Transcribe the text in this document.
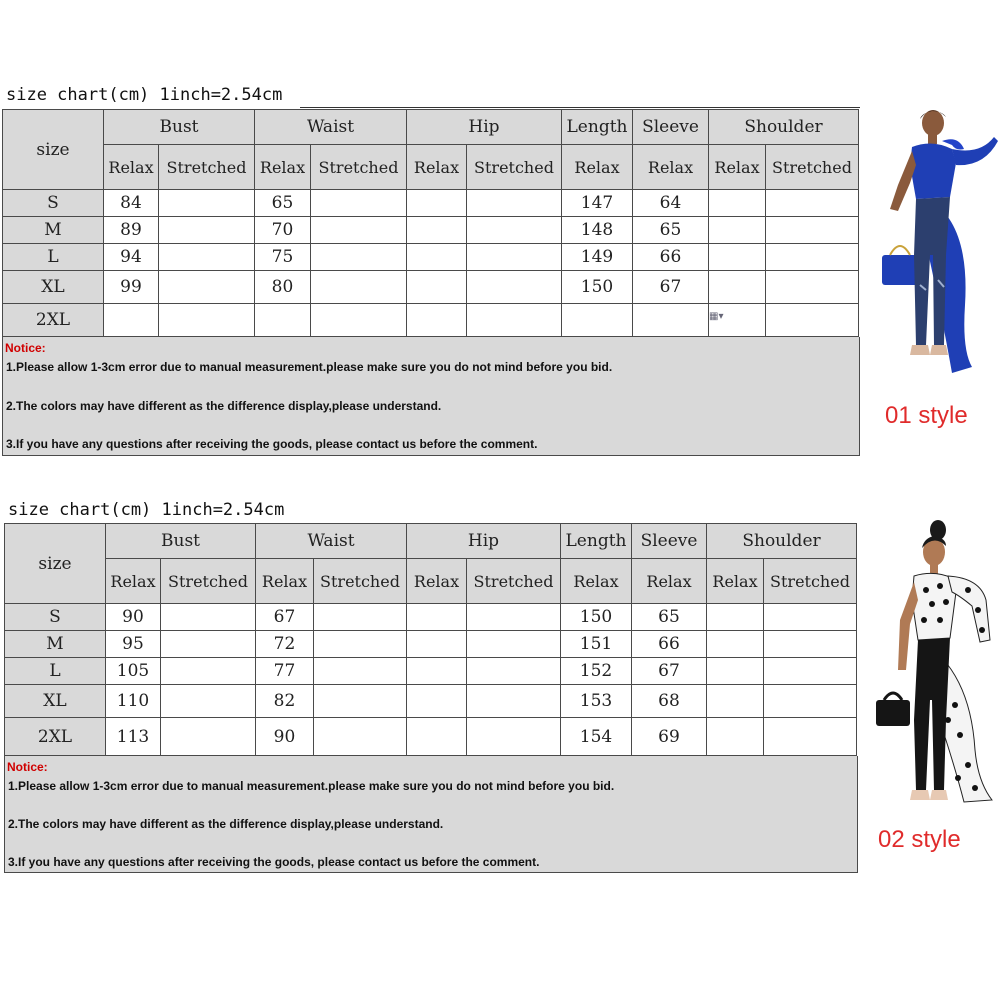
size chart(cm) 1inch=2.54cm
size	Bust		Waist		Hip		Length	Sleeve	Shoulder	
	Relax	Stretched	Relax	Stretched	Relax	Stretched	Relax	Relax	Relax	Stretched
S	84		65				147	64		
M	89		70				148	65		
L	94		75				149	66		
XL	99		80				150	67		
2XL									▦▾	
Notice:
1.Please allow 1-3cm error due to manual measurement.please make sure you do not mind before you bid.
2.The colors may have different as the difference display,please understand.
3.If you have any questions after receiving the goods, please contact us before the comment.
01 style
size chart(cm) 1inch=2.54cm
size	Bust		Waist		Hip		Length	Sleeve	Shoulder	
	Relax	Stretched	Relax	Stretched	Relax	Stretched	Relax	Relax	Relax	Stretched
S	90		67				150	65		
M	95		72				151	66		
L	105		77				152	67		
XL	110		82				153	68		
2XL	113		90				154	69		
Notice:
1.Please allow 1-3cm error due to manual measurement.please make sure you do not mind before you bid.
2.The colors may have different as the difference display,please understand.
3.If you have any questions after receiving the goods, please contact us before the comment.
02 style
